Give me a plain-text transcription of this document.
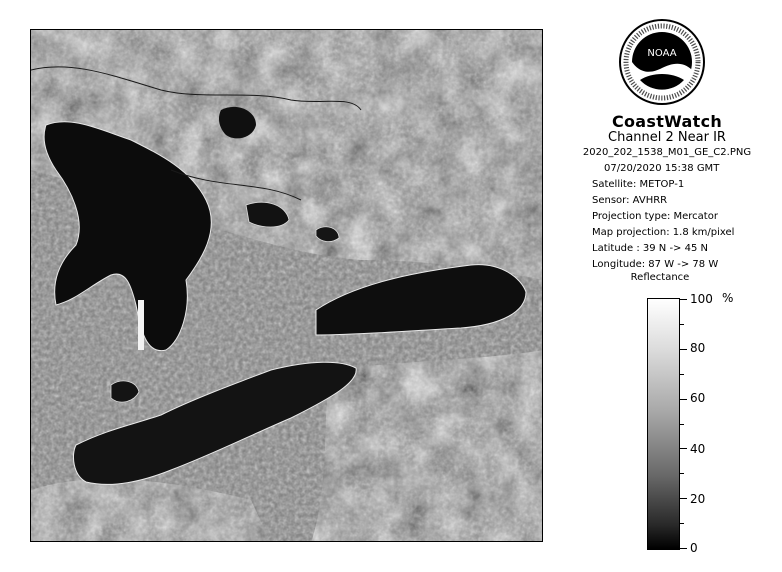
NOAA
CoastWatch
Channel 2 Near IR
2020_202_1538_M01_GE_C2.PNG
07/20/2020 15:38 GMT
Satellite: METOP-1
Sensor: AVHRR
Projection type: Mercator
Map projection: 1.8 km/pixel
Latitude : 39 N -> 45 N
Longitude: 87 W -> 78 W
Reflectance
%
100
80
60
40
20
0
